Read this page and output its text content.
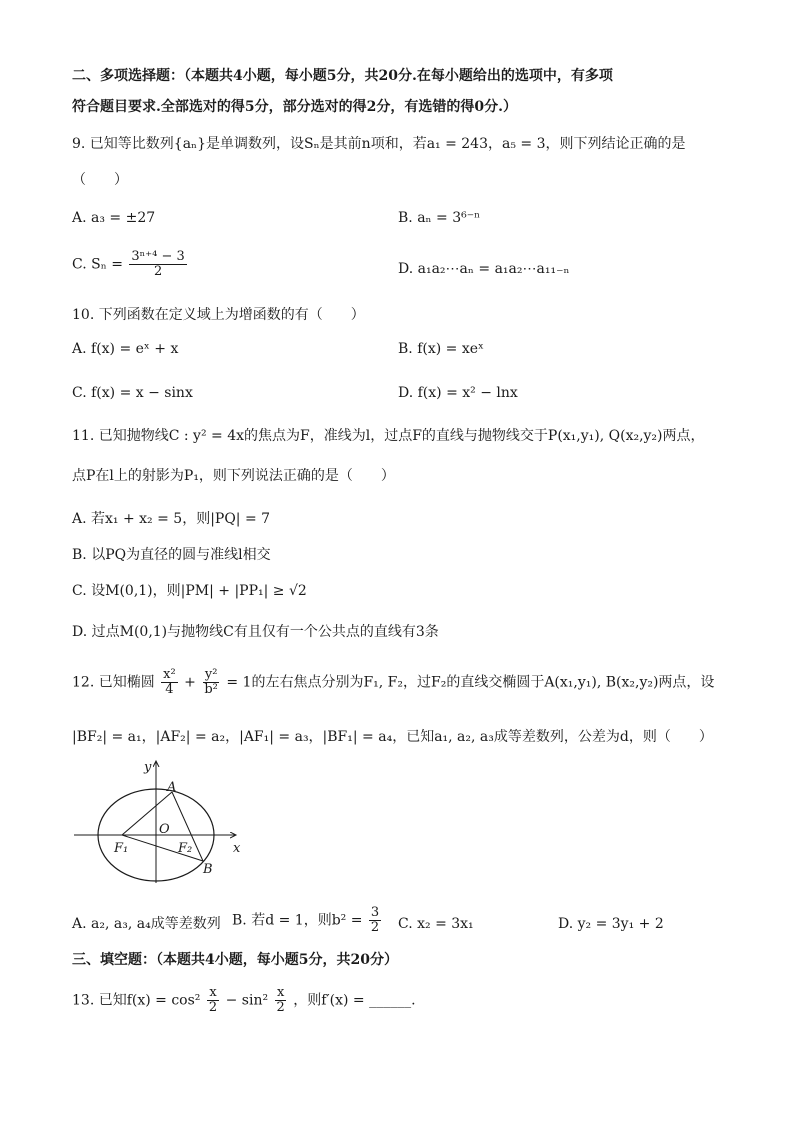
二、多项选择题：（本题共4小题，每小题5分，共20分.在每小题给出的选项中，有多项
符合题目要求.全部选对的得5分，部分选对的得2分，有选错的得0分.）
9. 已知等比数列{aₙ}是单调数列，设Sₙ是其前n项和，若a₁ = 243，a₅ = 3，则下列结论正确的是
（　　）
A. a₃ = ±27	B. aₙ = 3⁶⁻ⁿ
C. $S_n = \frac{\text{3ⁿ⁺⁴ − 3}}{2}$	D. a₁a₂⋯aₙ = a₁a₂⋯a₁₁₋ₙ
10. 下列函数在定义域上为增函数的有（　　）
A. f(x) = eˣ + x	B. f(x) = xeˣ
C. f(x) = x − sinx	D. f(x) = x² − lnx
11. 已知抛物线C : y² = 4x的焦点为F，准线为l，过点F的直线与抛物线交于P(x₁,y₁), Q(x₂,y₂)两点，
点P在l上的射影为P₁，则下列说法正确的是（　　）
A. 若x₁ + x₂ = 5，则|PQ| = 7
B. 以PQ为直径的圆与准线l相交
C. 设M(0,1)，则|PM| + |PP₁| ≥ √2
D. 过点M(0,1)与抛物线C有且仅有一个公共点的直线有3条
12. 已知椭圆 $\frac{\text{x²}}{4} + \frac{\text{y²}}{\text{b²}} = 1$的左右焦点分别为F₁, F₂，过F₂的直线交椭圆于A(x₁,y₁), B(x₂,y₂)两点，设
|BF₂| = a₁，|AF₂| = a₂，|AF₁| = a₃，|BF₁| = a₄，已知a₁, a₂, a₃成等差数列，公差为d，则（　　）
y
x
A
O
F₁	F₂
B
A. a₂, a₃, a₄成等差数列 B. 若d = 1，则$b^2 = \frac{3}{2} C$. x₂ = 3x₁	D. y₂ = 3y₁ + 2
三、填空题：（本题共4小题，每小题5分，共20分）
13. 已知$f(x) = \cos^2 \frac{x}{2} - \sin^2 \frac{x}{2}$ ，则f′(x) = ______.
